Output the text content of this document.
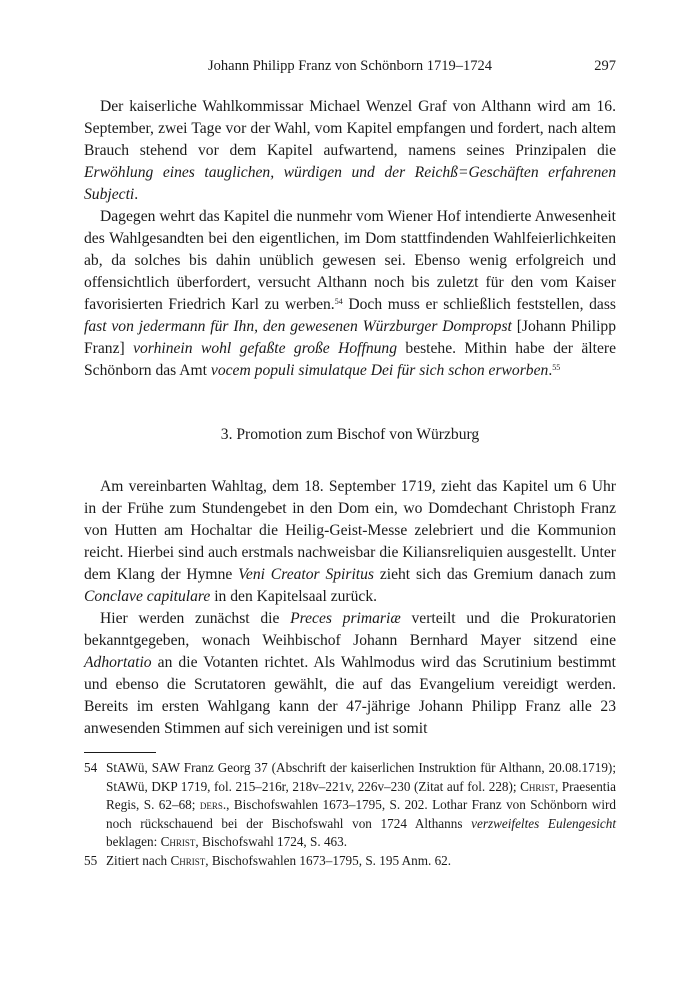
Johann Philipp Franz von Schönborn 1719–1724	297

Der kaiserliche Wahlkommissar Michael Wenzel Graf von Althann wird am 16. September, zwei Tage vor der Wahl, vom Kapitel empfangen und fordert, nach altem Brauch stehend vor dem Kapitel aufwartend, namens seines Prinzipalen die Erwöhlung eines tauglichen, würdigen und der Reichß=Geschäften erfahrenen Subjecti.

Dagegen wehrt das Kapitel die nunmehr vom Wiener Hof intendierte Anwesenheit des Wahlgesandten bei den eigentlichen, im Dom stattfindenden Wahlfeierlichkeiten ab, da solches bis dahin unüblich gewesen sei. Ebenso wenig erfolgreich und offensichtlich überfordert, versucht Althann noch bis zuletzt für den vom Kaiser favorisierten Friedrich Karl zu werben.$^{54}$ Doch muss er schließlich feststellen, dass fast von jedermann für Ihn, den gewesenen Würzburger Dompropst [Johann Philipp Franz] vorhinein wohl gefaßte große Hoffnung bestehe. Mithin habe der ältere Schönborn das Amt vocem populi simulatque Dei für sich schon erworben.$^{55}$

3. Promotion zum Bischof von Würzburg

Am vereinbarten Wahltag, dem 18. September 1719, zieht das Kapitel um 6 Uhr in der Frühe zum Stundengebet in den Dom ein, wo Domdechant Christoph Franz von Hutten am Hochaltar die Heilig-Geist-Messe zelebriert und die Kommunion reicht. Hierbei sind auch erstmals nachweisbar die Kiliansreliquien ausgestellt. Unter dem Klang der Hymne Veni Creator Spiritus zieht sich das Gremium danach zum Conclave capitulare in den Kapitelsaal zurück.

Hier werden zunächst die Preces primariæ verteilt und die Prokuratorien bekanntgegeben, wonach Weihbischof Johann Bernhard Mayer sitzend eine Adhortatio an die Votanten richtet. Als Wahlmodus wird das Scrutinium bestimmt und ebenso die Scrutatoren gewählt, die auf das Evangelium vereidigt werden. Bereits im ersten Wahlgang kann der 47-jährige Johann Philipp Franz alle 23 anwesenden Stimmen auf sich vereinigen und ist somit

54 StAWü, SAW Franz Georg 37 (Abschrift der kaiserlichen Instruktion für Althann, 20.08.1719); StAWü, DKP 1719, fol. 215–216r, 218v–221v, 226v–230 (Zitat auf fol. 228); Christ, Praesentia Regis, S. 62–68; ders., Bischofswahlen 1673–1795, S. 202. Lothar Franz von Schönborn wird noch rückschauend bei der Bischofswahl von 1724 Althanns verzweifeltes Eulengesicht beklagen: Christ, Bischofswahl 1724, S. 463.

55 Zitiert nach Christ, Bischofswahlen 1673–1795, S. 195 Anm. 62.
